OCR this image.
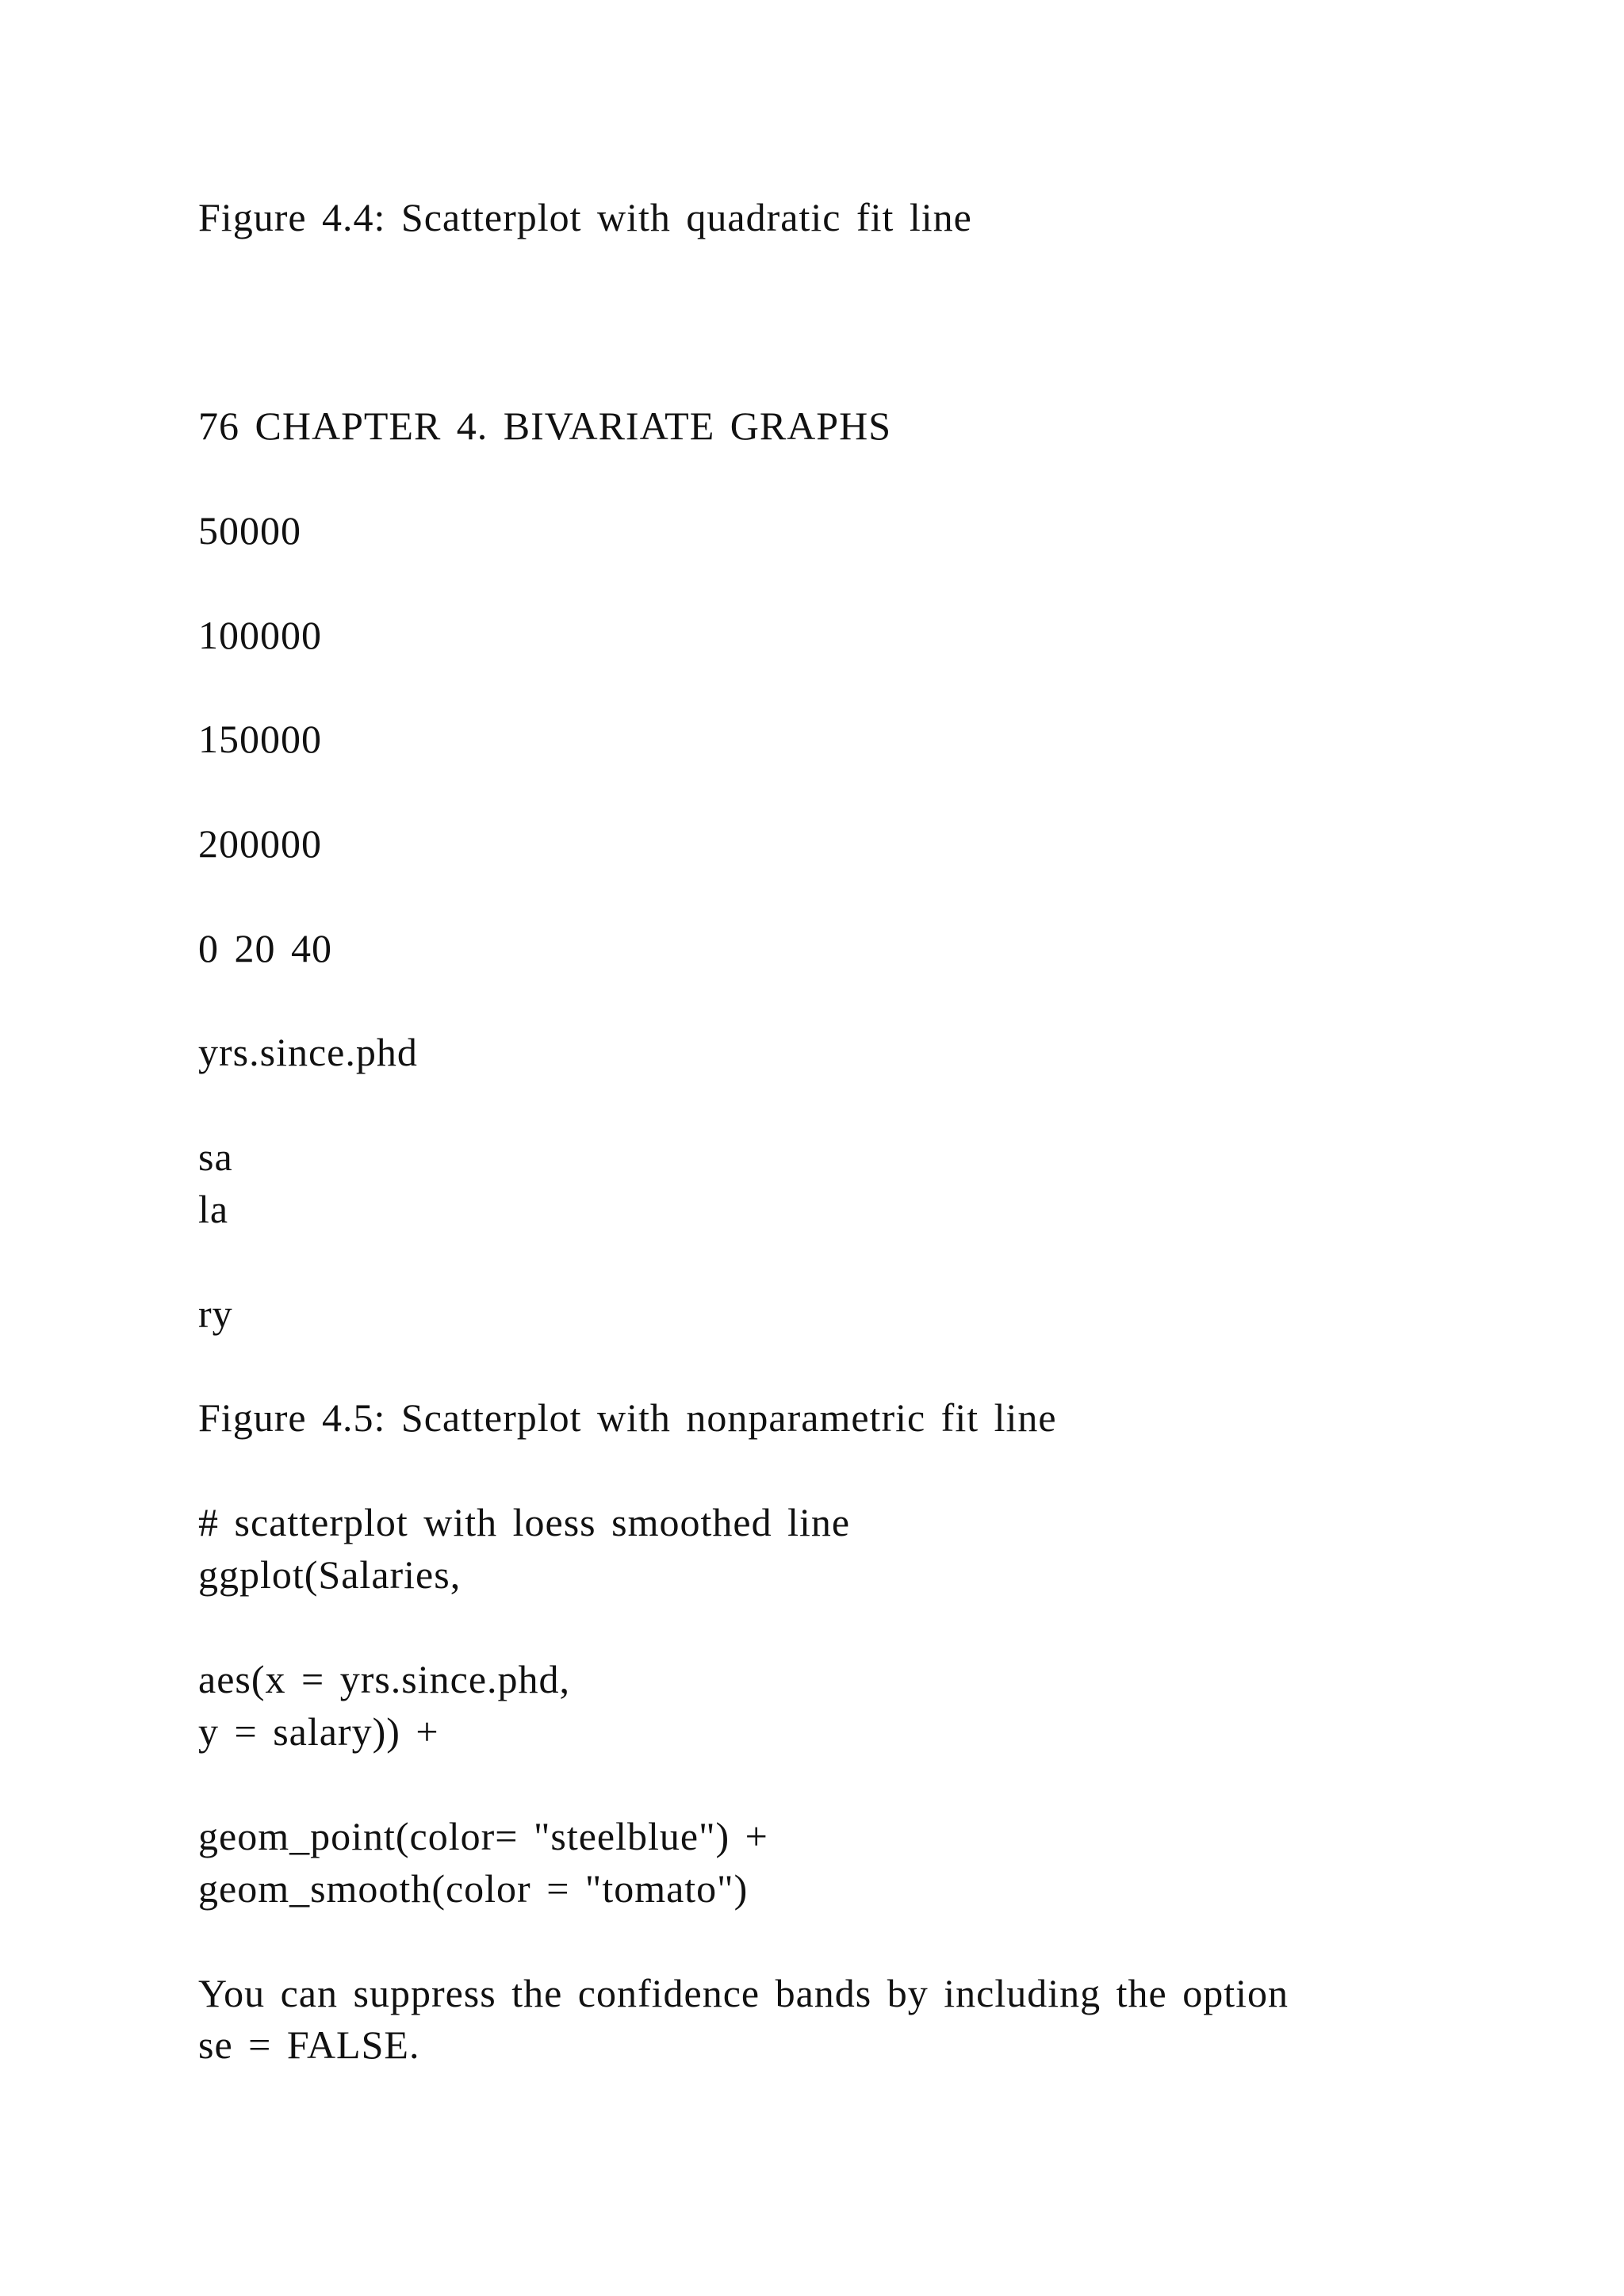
Figure 4.4: Scatterplot with quadratic fit line

76 CHAPTER 4. BIVARIATE GRAPHS

50000

100000

150000

200000

0 20 40

yrs.since.phd

sa

la

ry

Figure 4.5: Scatterplot with nonparametric fit line

# scatterplot with loess smoothed line

ggplot(Salaries,

aes(x = yrs.since.phd,

y = salary)) +

geom_point(color= "steelblue") +

geom_smooth(color = "tomato")

You can suppress the confidence bands by including the option

se = FALSE.
